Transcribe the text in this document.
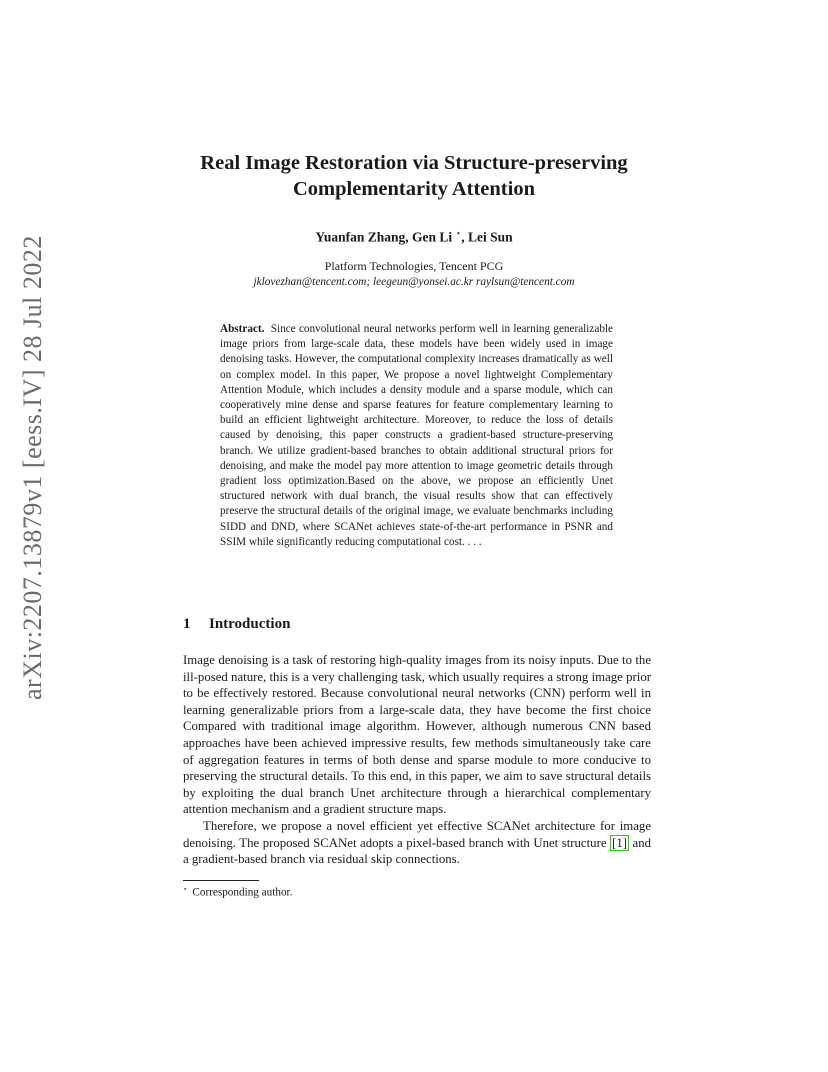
arXiv:2207.13879v1 [eess.IV] 28 Jul 2022
Real Image Restoration via Structure-preserving
Complementarity Attention
Yuanfan Zhang, Gen Li ⋆, Lei Sun
Platform Technologies, Tencent PCG
jklovezhan@tencent.com; leegeun@yonsei.ac.kr raylsun@tencent.com
Abstract. Since convolutional neural networks perform well in learning generalizable image priors from large-scale data, these models have been widely used in image denoising tasks. However, the computational complexity increases dramatically as well on complex model. In this paper, We propose a novel lightweight Complementary Attention Module, which includes a density module and a sparse module, which can cooperatively mine dense and sparse features for feature complementary learning to build an efficient lightweight architecture. Moreover, to reduce the loss of details caused by denoising, this paper constructs a gradient-based structure-preserving branch. We utilize gradient-based branches to obtain additional structural priors for denoising, and make the model pay more attention to image geometric details through gradient loss optimization.Based on the above, we propose an efficiently Unet structured network with dual branch, the visual results show that can effectively preserve the structural details of the original image, we evaluate benchmarks including SIDD and DND, where SCANet achieves state-of-the-art performance in PSNR and SSIM while significantly reducing computational cost. . . .
1 Introduction

Image denoising is a task of restoring high-quality images from its noisy inputs. Due to the ill-posed nature, this is a very challenging task, which usually requires a strong image prior to be effectively restored. Because convolutional neural networks (CNN) perform well in learning generalizable priors from a large-scale data, they have become the first choice Compared with traditional image algorithm. However, although numerous CNN based approaches have been achieved impressive results, few methods simultaneously take care of aggregation features in terms of both dense and sparse module to more conducive to preserving the structural details. To this end, in this paper, we aim to save structural details by exploiting the dual branch Unet architecture through a hierarchical complementary attention mechanism and a gradient structure maps.

Therefore, we propose a novel efficient yet effective SCANet architecture for image denoising. The proposed SCANet adopts a pixel-based branch with Unet structure [1] and a gradient-based branch via residual skip connections.

⋆ Corresponding author.
